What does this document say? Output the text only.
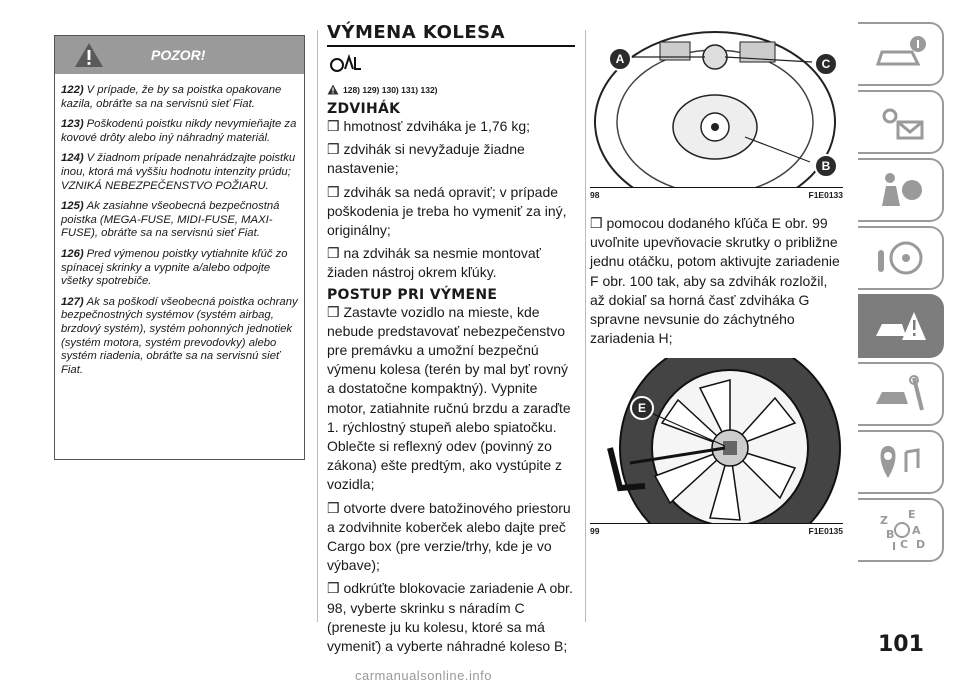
POZOR!

122) V prípade, že by sa poistka opakovane kazila, obráťte sa na servisnú sieť Fiat.

123) Poškodenú poistku nikdy nevymieňajte za kovové drôty alebo iný náhradný materiál.

124) V žiadnom prípade nenahrádzajte poistku inou, ktorá má vyššiu hodnotu intenzity prúdu; VZNIKÁ NEBEZPEČENSTVO POŽIARU.

125) Ak zasiahne všeobecná bezpečnostná poistka (MEGA-FUSE, MIDI-FUSE, MAXI-FUSE), obráťte sa na servisnú sieť Fiat.

126) Pred výmenou poistky vytiahnite kľúč zo spínacej skrinky a vypnite a/alebo odpojte všetky spotrebiče.

127) Ak sa poškodí všeobecná poistka ochrany bezpečnostných systémov (systém airbag, brzdový systém), systém pohonných jednotiek (systém motora, systém prevodovky) alebo systém riadenia, obráťte sa na servisnú sieť Fiat.

VÝMENA KOLESA
128) 129) 130) 131) 132)
ZDVIHÁK

❒ hmotnosť zdviháka je 1,76 kg;

❒ zdvihák si nevyžaduje žiadne nastavenie;

❒ zdvihák sa nedá opraviť; v prípade poškodenia je treba ho vymeniť za iný, originálny;

❒ na zdvihák sa nesmie montovať žiaden nástroj okrem kľúky.

POSTUP PRI VÝMENE

❒ Zastavte vozidlo na mieste, kde nebude predstavovať nebezpečenstvo pre premávku a umožní bezpečnú výmenu kolesa (terén by mal byť rovný a dostatočne kompaktný). Vypnite motor, zatiahnite ručnú brzdu a zaraďte 1. rýchlostný stupeň alebo spiatočku. Oblečte si reflexný odev (povinný zo zákona) ešte predtým, ako vystúpite z vozidla;

❒ otvorte dvere batožinového priestoru a zodvihnite koberček alebo dajte preč Cargo box (pre verzie/trhy, kde je vo výbave);

❒ odkrúťte blokovacie zariadenie A obr. 98, vyberte skrinku s náradím C (preneste ju ku kolesu, ktoré sa má vymeniť) a vyberte náhradné koleso B;

A	C
B
98	F1E0133

❒ pomocou dodaného kľúča E obr. 99 uvoľnite upevňovacie skrutky o približne jednu otáčku, potom aktivujte zariadenie F obr. 100 tak, aby sa zdvihák rozložil, až dokiaľ sa horná časť zdviháka G spravne nevsunie do záchytného zariadenia H;

E
99	F1E0135
Z E
B A
I C D
101
carmanualsonline.info
